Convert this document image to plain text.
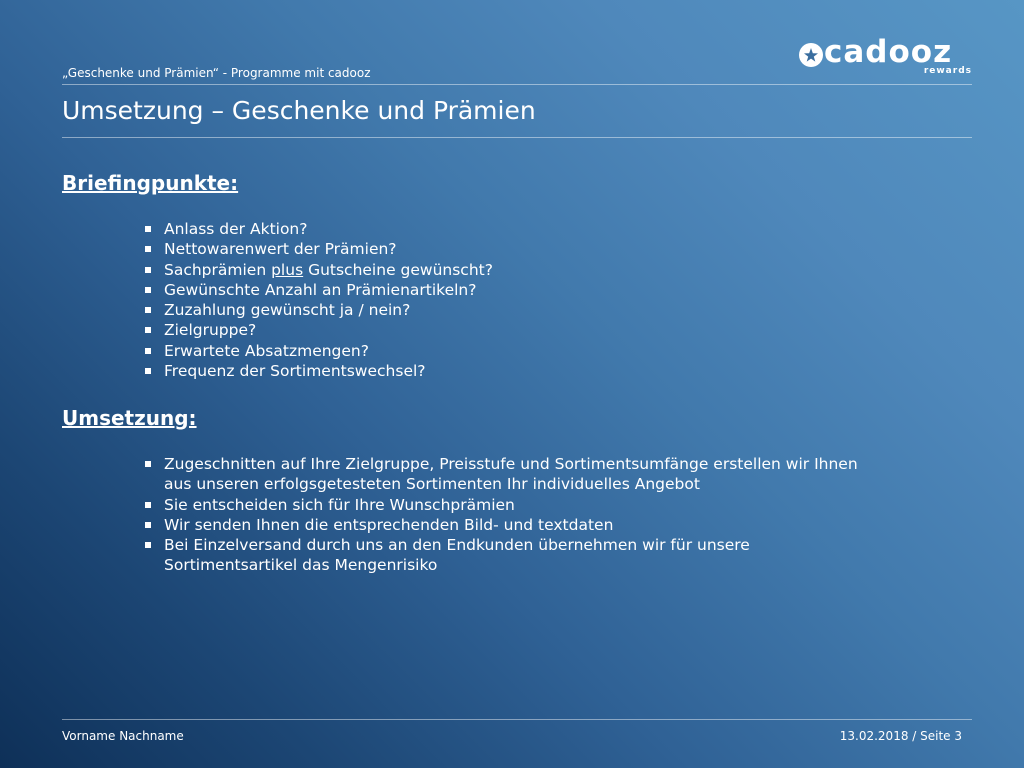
„Geschenke und Prämien“ - Programme mit cadooz
cadooz
rewards
Umsetzung – Geschenke und Prämien
Briefingpunkte:
Anlass der Aktion?
Nettowarenwert der Prämien?
Sachprämien plus Gutscheine gewünscht?
Gewünschte Anzahl an Prämienartikeln?
Zuzahlung gewünscht ja / nein?
Zielgruppe?
Erwartete Absatzmengen?
Frequenz der Sortimentswechsel?
Umsetzung:
Zugeschnitten auf Ihre Zielgruppe, Preisstufe und Sortimentsumfänge erstellen wir Ihnen
aus unseren erfolgsgetesteten Sortimenten Ihr individuelles Angebot
Sie entscheiden sich für Ihre Wunschprämien
Wir senden Ihnen die entsprechenden Bild- und textdaten
Bei Einzelversand durch uns an den Endkunden übernehmen wir für unsere
Sortimentsartikel das Mengenrisiko
Vorname Nachname	13.02.2018 / Seite 3
